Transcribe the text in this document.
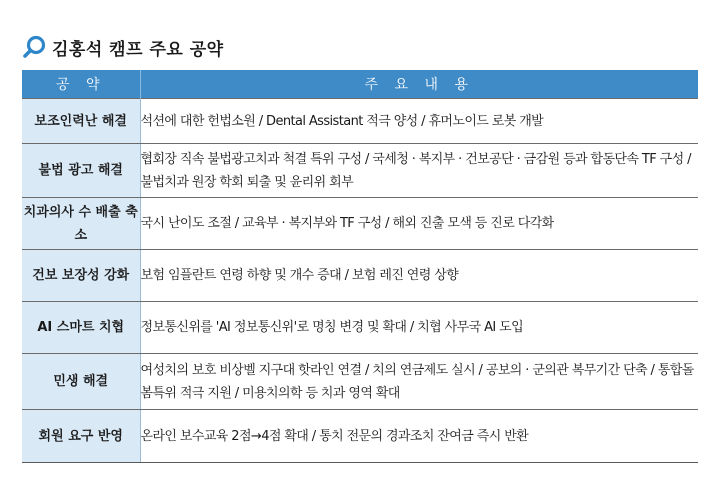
김홍석 캠프 주요 공약
공 약	주 요 내 용
보조인력난 해결	석션에 대한 헌법소원 / Dental Assistant 적극 양성 / 휴머노이드 로봇 개발
불법 광고 해결	협회장 직속 불법광고치과 척결 특위 구성 / 국세청 · 복지부 · 건보공단 · 금감원 등과 합동단속 TF 구성 / 불법치과 원장 학회 퇴출 및 윤리위 회부
치과의사 수 배출 축소	국시 난이도 조절 / 교육부 · 복지부와 TF 구성 / 해외 진출 모색 등 진로 다각화
건보 보장성 강화	보험 임플란트 연령 하향 및 개수 증대 / 보험 레진 연령 상향
AI 스마트 치협	정보통신위를 'AI 정보통신위'로 명칭 변경 및 확대 / 치협 사무국 AI 도입
민생 해결	여성치의 보호 비상벨 지구대 핫라인 연결 / 치의 연금제도 실시 / 공보의 · 군의관 복무기간 단축 / 통합돌봄특위 적극 지원 / 미용치의학 등 치과 영역 확대
회원 요구 반영	온라인 보수교육 2점→4점 확대 / 통치 전문의 경과조치 잔여금 즉시 반환
